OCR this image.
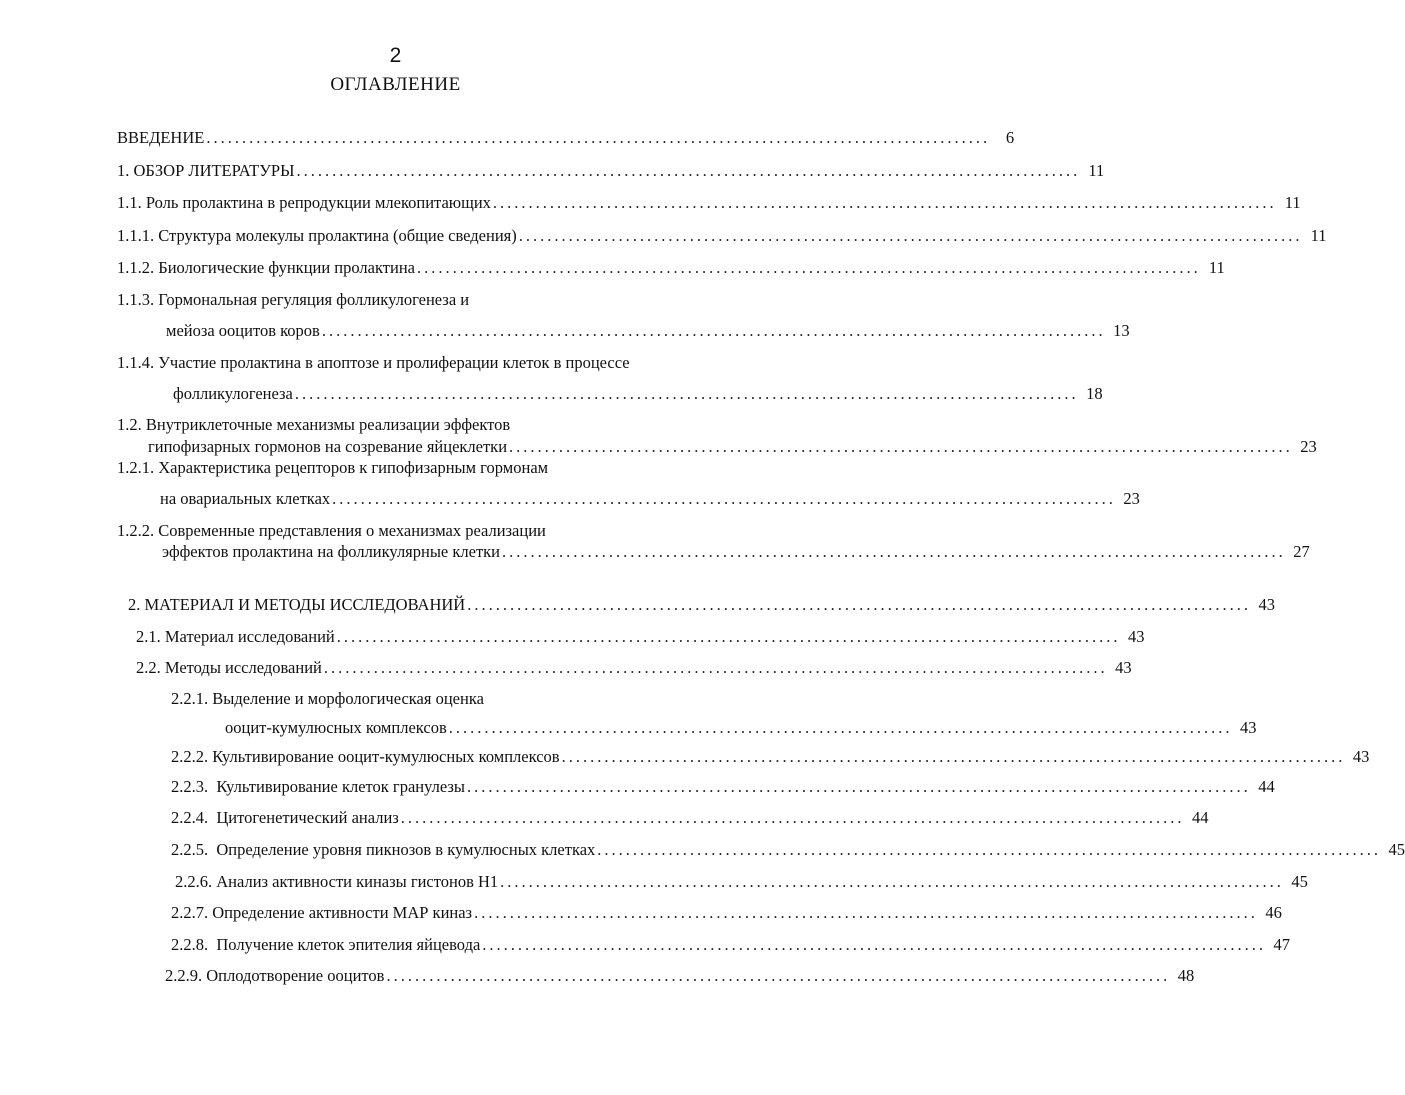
2
ОГЛАВЛЕНИЕ
ВВЕДЕНИЕ .............................................................................................................. 6
1. ОБЗОР ЛИТЕРАТУРЫ .............................................................................................................. 11
1.1. Роль пролактина в репродукции млекопитающих .............................................................................................................. 11
1.1.1. Структура молекулы пролактина (общие сведения) .............................................................................................................. 11
1.1.2. Биологические функции пролактина .............................................................................................................. 11
1.1.3. Гормональная регуляция фолликулогенеза и
мейоза ооцитов коров .............................................................................................................. 13
1.1.4. Участие пролактина в апоптозе и пролиферации клеток в процессе
фолликулогенеза .............................................................................................................. 18
1.2. Внутриклеточные механизмы реализации эффектов
гипофизарных гормонов на созревание яйцеклетки .............................................................................................................. 23
1.2.1. Характеристика рецепторов к гипофизарным гормонам
на овариальных клетках .............................................................................................................. 23
1.2.2. Современные представления о механизмах реализации
эффектов пролактина на фолликулярные клетки .............................................................................................................. 27
2. МАТЕРИАЛ И МЕТОДЫ ИССЛЕДОВАНИЙ .............................................................................................................. 43
2.1. Материал исследований .............................................................................................................. 43
2.2. Методы исследований .............................................................................................................. 43
2.2.1. Выделение и морфологическая оценка
ооцит-кумулюсных комплексов .............................................................................................................. 43
2.2.2. Культивирование ооцит-кумулюсных комплексов .............................................................................................................. 43
2.2.3.  Культивирование клеток гранулезы .............................................................................................................. 44
2.2.4.  Цитогенетический анализ .............................................................................................................. 44
2.2.5.  Определение уровня пикнозов в кумулюсных клетках .............................................................................................................. 45
2.2.6. Анализ активности киназы гистонов Н1 .............................................................................................................. 45
2.2.7. Определение активности МАР киназ .............................................................................................................. 46
2.2.8.  Получение клеток эпителия яйцевода .............................................................................................................. 47
2.2.9. Оплодотворение ооцитов .............................................................................................................. 48
